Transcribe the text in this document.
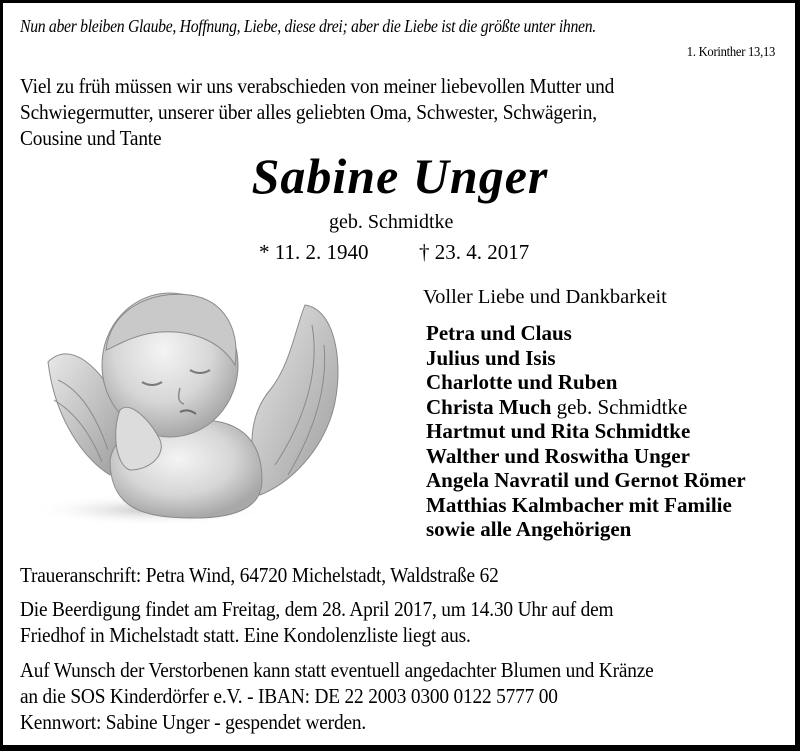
Nun aber bleiben Glaube, Hoffnung, Liebe, diese drei; aber die Liebe ist die größte unter ihnen.
1. Korinther 13,13
Viel zu früh müssen wir uns verabschieden von meiner liebevollen Mutter und
Schwiegermutter, unserer über alles geliebten Oma, Schwester, Schwägerin,
Cousine und Tante
Sabine Unger
geb. Schmidtke
* 11. 2. 1940 † 23. 4. 2017
Voller Liebe und Dankbarkeit
Petra und Claus
Julius und Isis
Charlotte und Ruben
Christa Much geb. Schmidtke
Hartmut und Rita Schmidtke
Walther und Roswitha Unger
Angela Navratil und Gernot Römer
Matthias Kalmbacher mit Familie
sowie alle Angehörigen
Traueranschrift: Petra Wind, 64720 Michelstadt, Waldstraße 62
Die Beerdigung findet am Freitag, dem 28. April 2017, um 14.30 Uhr auf dem
Friedhof in Michelstadt statt. Eine Kondolenzliste liegt aus.
Auf Wunsch der Verstorbenen kann statt eventuell angedachter Blumen und Kränze
an die SOS Kinderdörfer e.V. - IBAN: DE 22 2003 0300 0122 5777 00
Kennwort: Sabine Unger - gespendet werden.
